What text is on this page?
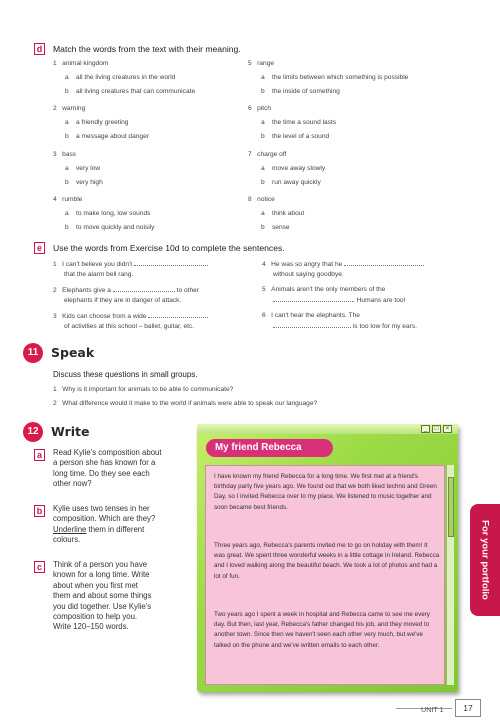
d	Match the words from the text with their meaning.
1 animal kingdom
a all the living creatures in the world
b all living creatures that can communicate
2 warning
a a friendly greeting
b a message about danger
3 bass
a very low
b very high
4 rumble
a to make long, low sounds
b to move quickly and noisily
5 range
a the limits between which something is possible
b the inside of something
6 pitch
a the time a sound lasts
b the level of a sound
7 charge off
a move away slowly
b run away quickly
8 notice
a think about
b sense
e	Use the words from Exercise 10d to complete the sentences.
1 I can't believe you didn't
that the alarm bell rang.
2 Elephants give a	to other
elephants if they are in danger of attack.
3 Kids can choose from a wide
of activities at this school – ballet, guitar, etc.
4 He was so angry that he
without saying goodbye.
5 Animals aren't the only members of the
. Humans are too!
6 I can't hear the elephants. The
is too low for my ears.
11	Speak
Discuss these questions in small groups.
1 Why is it important for animals to be able to communicate?
2 What difference would it make to the world if animals were able to speak our language?
12 Write
a	Read Kylie's composition about
a person she has known for a
long time. Do they see each
other now?
b	Kylie uses two tenses in her
composition. Which are they?
Underline them in different
colours.
c	Think of a person you have
known for a long time. Write
about when you first met
them and about some things
you did together. Use Kylie's
composition to help you.
Write 120–150 words.
_	□	×
My friend Rebecca

I have known my friend Rebecca for a long time. We first met at a friend's birthday party five years ago. We found out that we both liked techno and Green Day, so I invited Rebecca over to my place. We listened to music together and soon became best friends.

Three years ago, Rebecca's parents invited me to go on holiday with them! It was great. We spent three wonderful weeks in a little cottage in Ireland. Rebecca and I loved walking along the beautiful beach. We took a lot of photos and had a lot of fun.

Two years ago I spent a week in hospital and Rebecca came to see me every day. But then, last year, Rebecca's father changed his job, and they moved to another town. Since then we haven't seen each other very much, but we've talked on the phone and we've written emails to each other.

For your portfolio
UNIT 1	17
